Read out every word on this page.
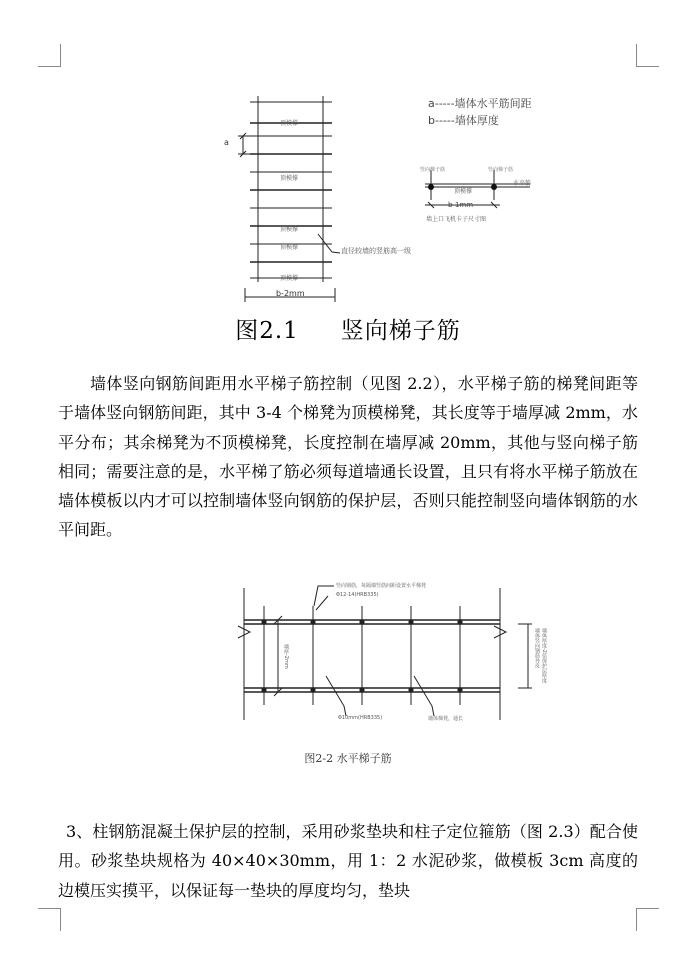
a-----墙体水平筋间距
b-----墙体厚度
顶模撑
顶模撑
顶模撑
顶模撑
顶模撑
a
b-2mm
直径较墙的竖筋高一级
竖向梯子筋	竖向梯子筋
顶模撑
水平筋
b-1mm
墙上口飞机卡子尺寸图
图2.1 竖向梯子筋
墙体竖向钢筋间距用水平梯子筋控制（见图 2.2），水平梯子筋的梯凳间距等于墙体竖向钢筋间距，其中 3-4 个梯凳为顶模梯凳，其长度等于墙厚减 2mm，水平分布；其余梯凳为不顶模梯凳，长度控制在墙厚减 20mm，其他与竖向梯子筋相同；需要注意的是，水平梯了筋必须每道墙通长设置，且只有将水平梯子筋放在墙体模板以内才可以控制墙体竖向钢筋的保护层，否则只能控制竖向墙体钢筋的水平间距。
竖向钢筋，每隔墙竖筋间距设置水平梯凳
Φ12-14(HRB335)
墙厚-2mm	墙体厚度-2倍保护层厚度 墙体竖向钢筋外皮
Φ10mm(HRB335)	墙体梯凳，通长
图2-2 水平梯子筋
3、柱钢筋混凝土保护层的控制，采用砂浆垫块和柱子定位箍筋（图 2.3）配合使用。砂浆垫块规格为 40×40×30mm，用 1：2 水泥砂浆，做模板 3cm 高度的边模压实摸平，以保证每一垫块的厚度均匀，垫块
